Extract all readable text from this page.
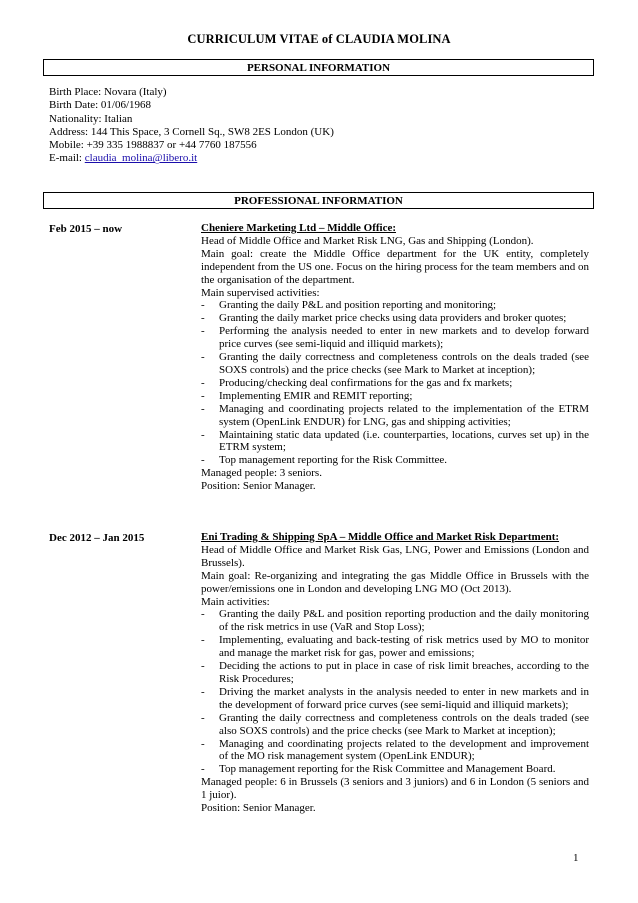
CURRICULUM VITAE of CLAUDIA MOLINA
PERSONAL INFORMATION
Birth Place: Novara (Italy)
Birth Date: 01/06/1968
Nationality: Italian
Address: 144 This Space, 3 Cornell Sq., SW8 2ES London (UK)
Mobile: +39 335 1988837 or +44 7760 187556
E-mail: claudia_molina@libero.it
PROFESSIONAL INFORMATION
Feb 2015 – now	Cheniere Marketing Ltd – Middle Office:

Head of Middle Office and Market Risk LNG, Gas and Shipping (London).

Main goal: create the Middle Office department for the UK entity, completely independent from the US one. Focus on the hiring process for the team members and on the organisation of the department.

Main supervised activities:

- Granting the daily P&L and position reporting and monitoring;
- Granting the daily market price checks using data providers and broker quotes;
- Performing the analysis needed to enter in new markets and to develop forward price curves (see semi-liquid and illiquid markets);
- Granting the daily correctness and completeness controls on the deals traded (see SOXS controls) and the price checks (see Mark to Market at inception);
- Producing/checking deal confirmations for the gas and fx markets;
- Implementing EMIR and REMIT reporting;
- Managing and coordinating projects related to the implementation of the ETRM system (OpenLink ENDUR) for LNG, gas and shipping activities;
- Maintaining static data updated (i.e. counterparties, locations, curves set up) in the ETRM system;
- Top management reporting for the Risk Committee.

Managed people: 3 seniors.

Position: Senior Manager.

Dec 2012 – Jan 2015	Eni Trading & Shipping SpA – Middle Office and Market Risk Department:

Head of Middle Office and Market Risk Gas, LNG, Power and Emissions (London and Brussels).

Main goal: Re-organizing and integrating the gas Middle Office in Brussels with the power/emissions one in London and developing LNG MO (Oct 2013).

Main activities:

- Granting the daily P&L and position reporting production and the daily monitoring of the risk metrics in use (VaR and Stop Loss);
- Implementing, evaluating and back-testing of risk metrics used by MO to monitor and manage the market risk for gas, power and emissions;
- Deciding the actions to put in place in case of risk limit breaches, according to the Risk Procedures;
- Driving the market analysts in the analysis needed to enter in new markets and in the development of forward price curves (see semi-liquid and illiquid markets);
- Granting the daily correctness and completeness controls on the deals traded (see also SOXS controls) and the price checks (see Mark to Market at inception);
- Managing and coordinating projects related to the development and improvement of the MO risk management system (OpenLink ENDUR);
- Top management reporting for the Risk Committee and Management Board.

Managed people: 6 in Brussels (3 seniors and 3 juniors) and 6 in London (5 seniors and 1 juior).

Position: Senior Manager.

1
